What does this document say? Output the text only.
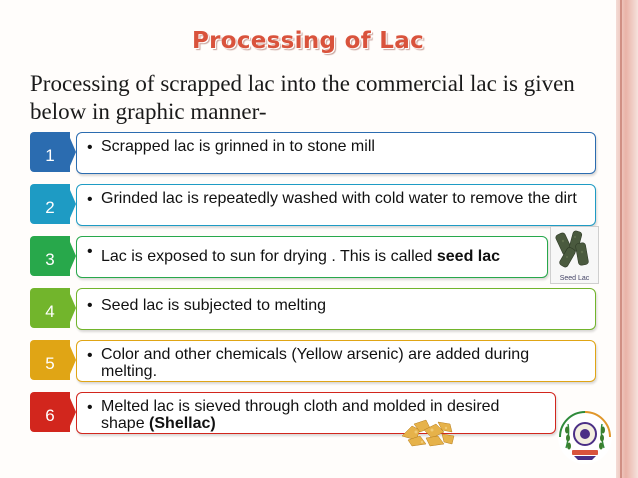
Processing of Lac
Processing of scrapped lac into the commercial lac is given below in graphic manner-
1	• Scrapped lac is grinned in to stone mill
2	• Grinded lac is repeatedly washed with cold water to remove the dirt
3	• Lac is exposed to sun for drying . This is called seed lac
4	• Seed lac is subjected to melting
5	• Color and other chemicals (Yellow arsenic) are added during melting.
6	• Melted lac is sieved through cloth and molded in desired shape (Shellac)
Seed Lac
